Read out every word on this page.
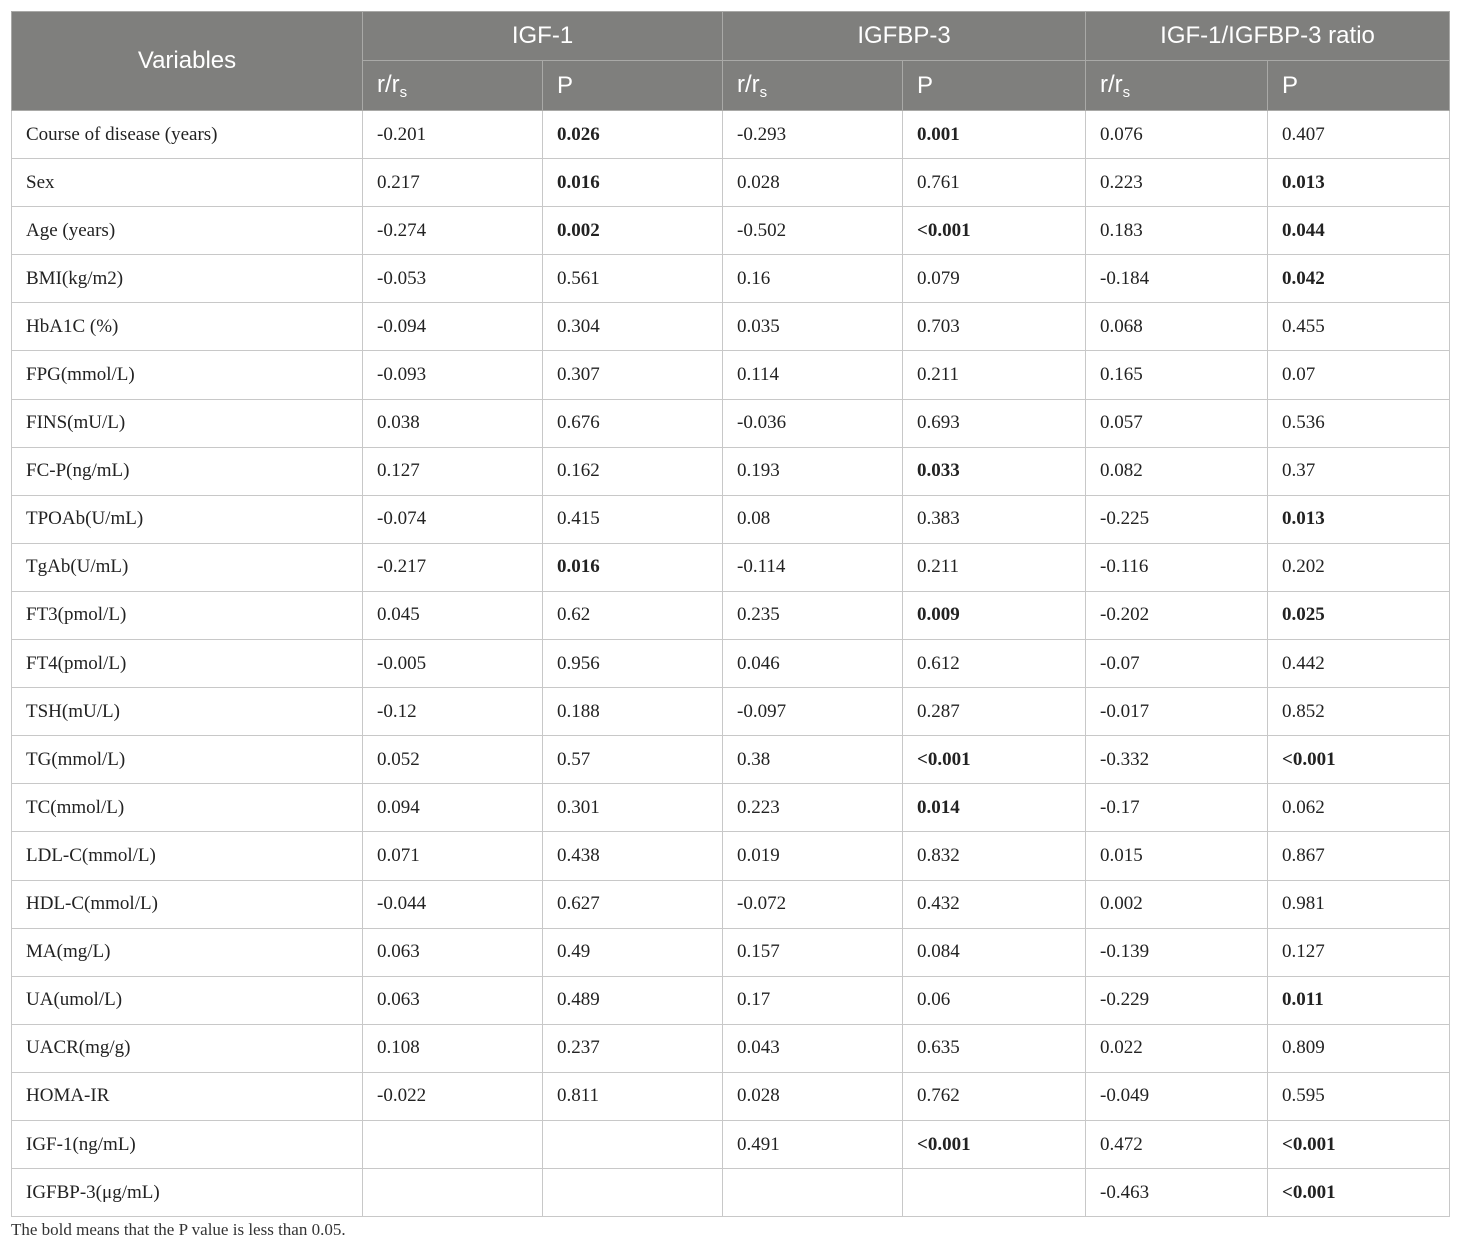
Variables	IGF-1		IGFBP-3		IGF-1/IGFBP-3 ratio	
	$r/r_s$	P	$r/r_s$	P	$r/r_s$	P
Course of disease (years)	-0.201	0.026	-0.293	0.001	0.076	0.407
Sex	0.217	0.016	0.028	0.761	0.223	0.013
Age (years)	-0.274	0.002	-0.502	<0.001	0.183	0.044
BMI(kg/m2)	-0.053	0.561	0.16	0.079	-0.184	0.042
HbA1C (%)	-0.094	0.304	0.035	0.703	0.068	0.455
FPG(mmol/L)	-0.093	0.307	0.114	0.211	0.165	0.07
FINS(mU/L)	0.038	0.676	-0.036	0.693	0.057	0.536
FC-P(ng/mL)	0.127	0.162	0.193	0.033	0.082	0.37
TPOAb(U/mL)	-0.074	0.415	0.08	0.383	-0.225	0.013
TgAb(U/mL)	-0.217	0.016	-0.114	0.211	-0.116	0.202
FT3(pmol/L)	0.045	0.62	0.235	0.009	-0.202	0.025
FT4(pmol/L)	-0.005	0.956	0.046	0.612	-0.07	0.442
TSH(mU/L)	-0.12	0.188	-0.097	0.287	-0.017	0.852
TG(mmol/L)	0.052	0.57	0.38	<0.001	-0.332	<0.001
TC(mmol/L)	0.094	0.301	0.223	0.014	-0.17	0.062
LDL-C(mmol/L)	0.071	0.438	0.019	0.832	0.015	0.867
HDL-C(mmol/L)	-0.044	0.627	-0.072	0.432	0.002	0.981
MA(mg/L)	0.063	0.49	0.157	0.084	-0.139	0.127
UA(umol/L)	0.063	0.489	0.17	0.06	-0.229	0.011
UACR(mg/g)	0.108	0.237	0.043	0.635	0.022	0.809
HOMA-IR	-0.022	0.811	0.028	0.762	-0.049	0.595
IGF-1(ng/mL)			0.491	<0.001	0.472	<0.001
IGFBP-3(μg/mL)					-0.463	<0.001
The bold means that the P value is less than 0.05.
